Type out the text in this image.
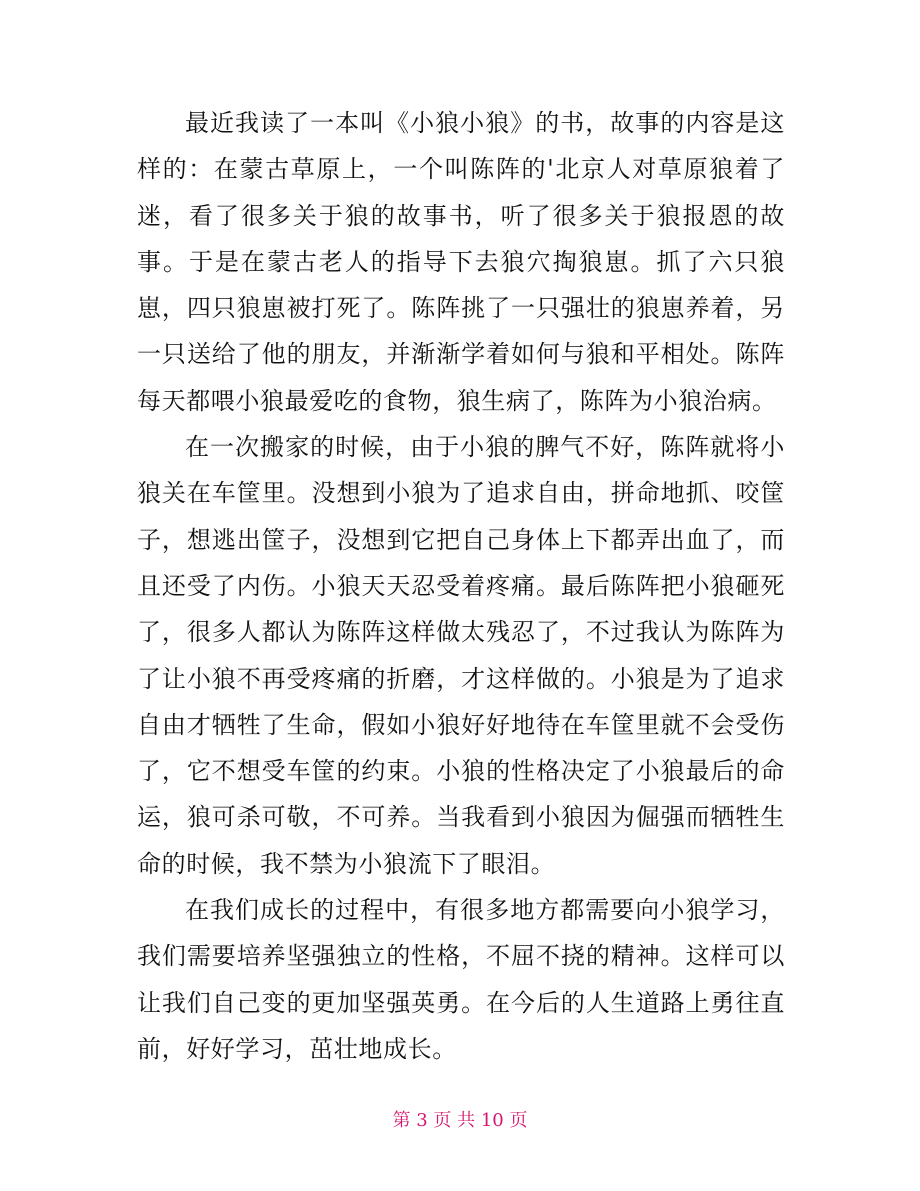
最近我读了一本叫《小狼小狼》的书，故事的内容是这样的：在蒙古草原上，一个叫陈阵的'北京人对草原狼着了迷，看了很多关于狼的故事书，听了很多关于狼报恩的故事。于是在蒙古老人的指导下去狼穴掏狼崽。抓了六只狼崽，四只狼崽被打死了。陈阵挑了一只强壮的狼崽养着，另一只送给了他的朋友，并渐渐学着如何与狼和平相处。陈阵每天都喂小狼最爱吃的食物，狼生病了，陈阵为小狼治病。

在一次搬家的时候，由于小狼的脾气不好，陈阵就将小狼关在车筐里。没想到小狼为了追求自由，拼命地抓、咬筐子，想逃出筐子，没想到它把自己身体上下都弄出血了，而且还受了内伤。小狼天天忍受着疼痛。最后陈阵把小狼砸死了，很多人都认为陈阵这样做太残忍了，不过我认为陈阵为了让小狼不再受疼痛的折磨，才这样做的。小狼是为了追求自由才牺牲了生命，假如小狼好好地待在车筐里就不会受伤了，它不想受车筐的约束。小狼的性格决定了小狼最后的命运，狼可杀可敬，不可养。当我看到小狼因为倔强而牺牲生命的时候，我不禁为小狼流下了眼泪。

在我们成长的过程中，有很多地方都需要向小狼学习，我们需要培养坚强独立的性格，不屈不挠的精神。这样可以让我们自己变的更加坚强英勇。在今后的人生道路上勇往直前，好好学习，茁壮地成长。

第 3 页 共 10 页
